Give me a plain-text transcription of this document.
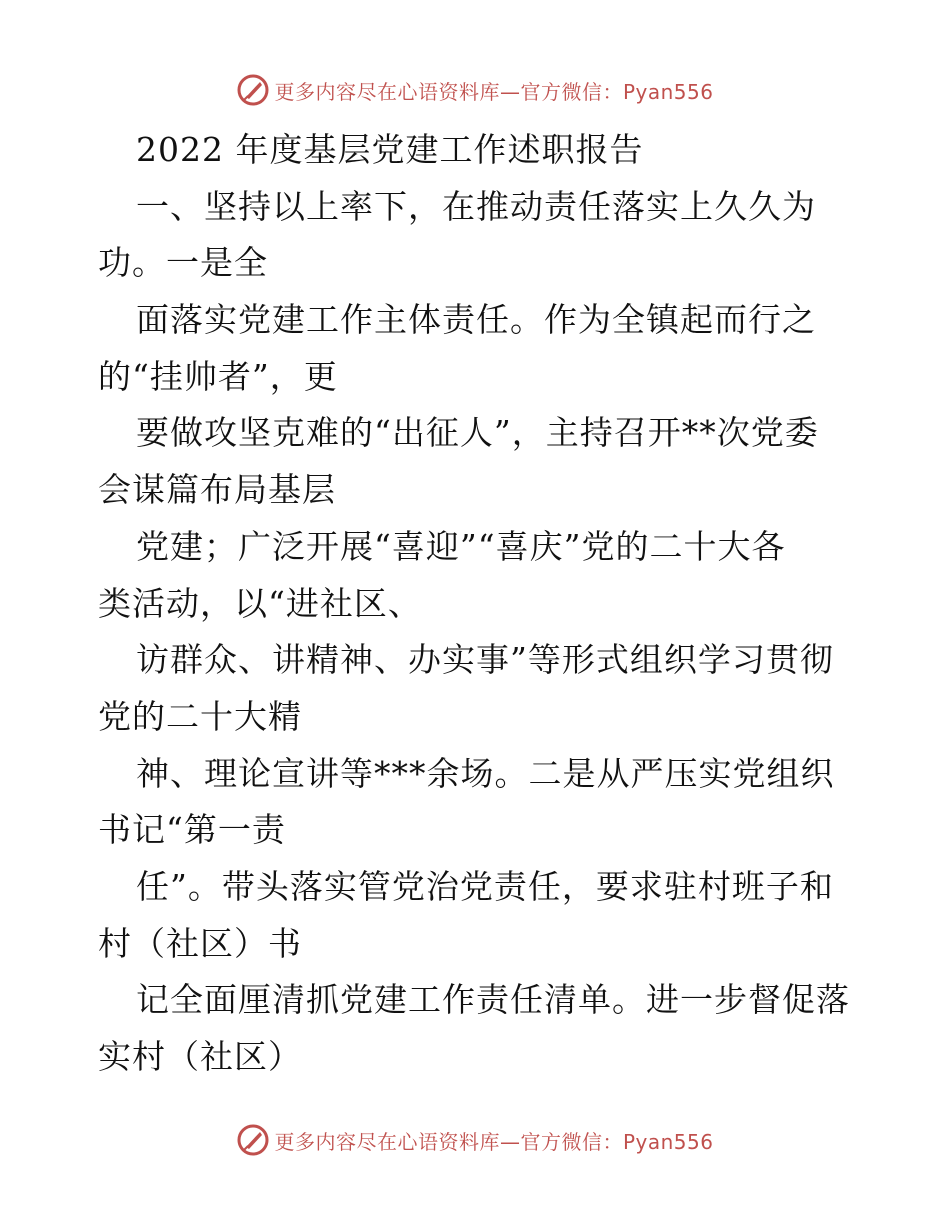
更多内容尽在心语资料库—官方微信：Pyan556
2022 年度基层党建工作述职报告
一、坚持以上率下，在推动责任落实上久久为
功。一是全
面落实党建工作主体责任。作为全镇起而行之
的“挂帅者”，更
要做攻坚克难的“出征人”，主持召开**次党委
会谋篇布局基层
党建；广泛开展“喜迎”“喜庆”党的二十大各
类活动，以“进社区、
访群众、讲精神、办实事”等形式组织学习贯彻
党的二十大精
神、理论宣讲等***余场。二是从严压实党组织
书记“第一责
任”。带头落实管党治党责任，要求驻村班子和
村（社区）书
记全面厘清抓党建工作责任清单。进一步督促落
实村（社区）
更多内容尽在心语资料库—官方微信：Pyan556
